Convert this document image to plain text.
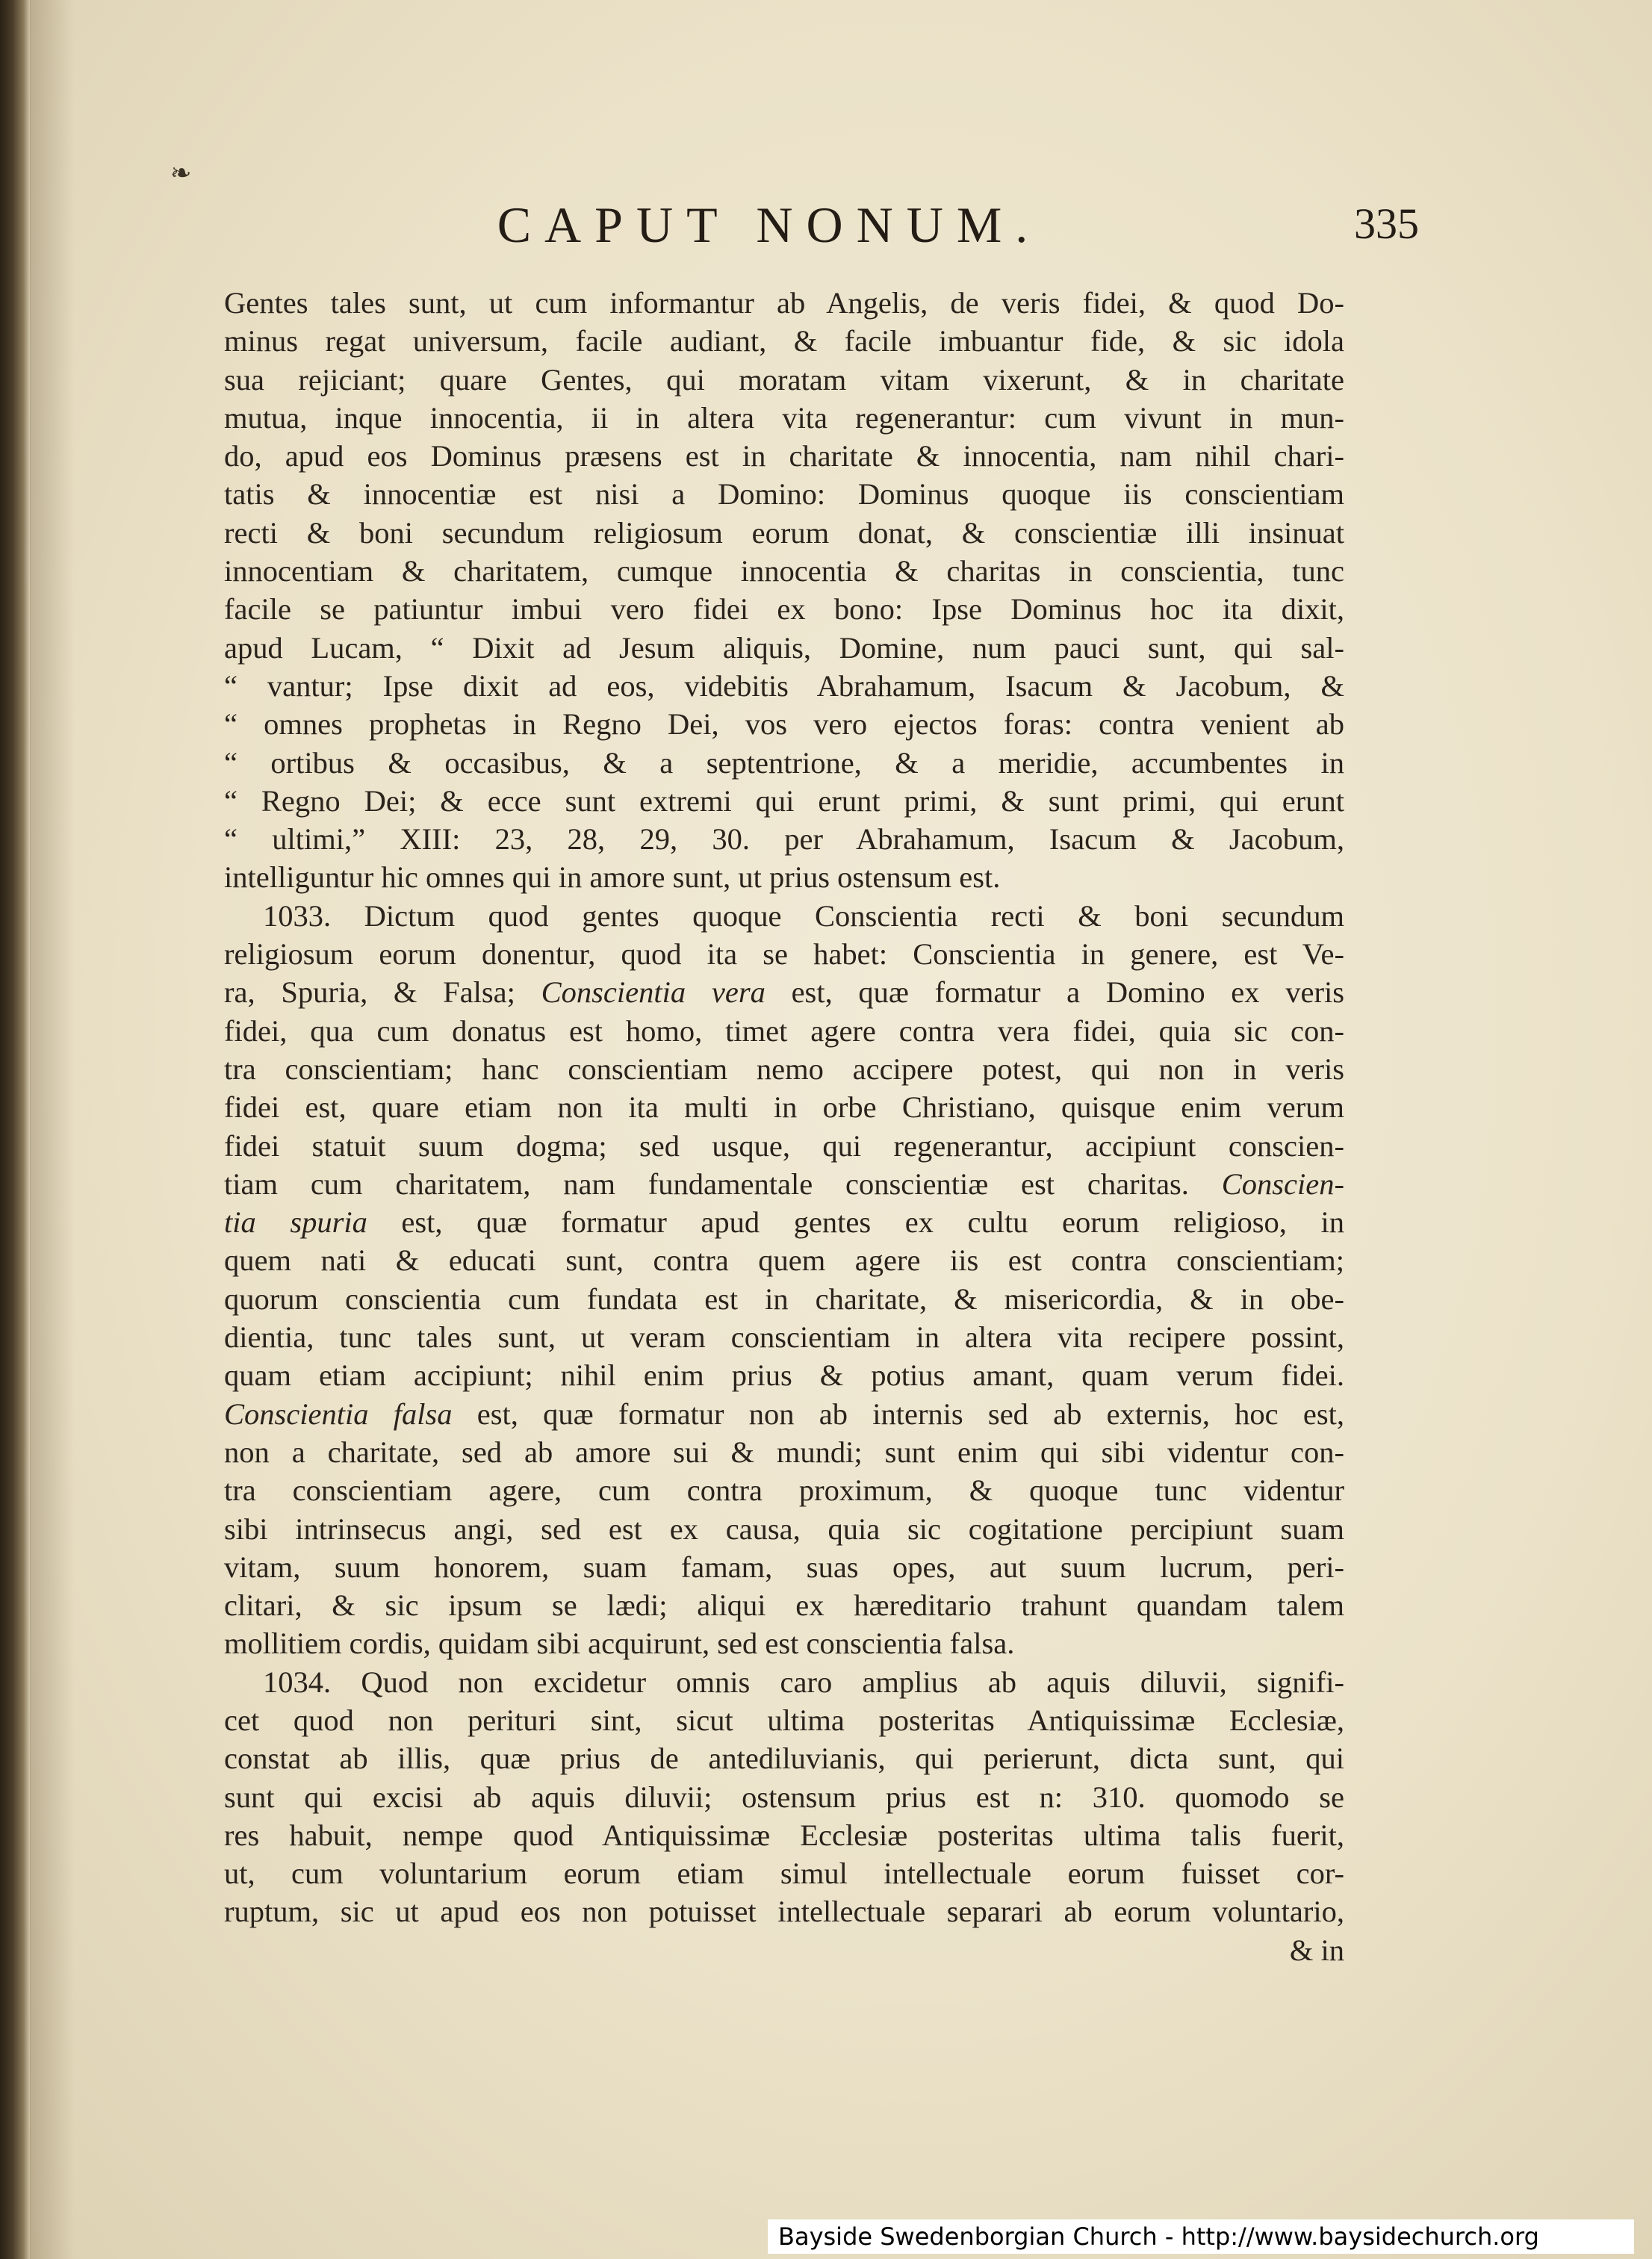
❧
CAPUT NONUM.	335
Gentes tales sunt, ut cum informantur ab Angelis, de veris fidei, & quod Do-
minus regat universum, facile audiant, & facile imbuantur fide, & sic idola
sua rejiciant; quare Gentes, qui moratam vitam vixerunt, & in charitate
mutua, inque innocentia, ii in altera vita regenerantur: cum vivunt in mun-
do, apud eos Dominus præsens est in charitate & innocentia, nam nihil chari-
tatis & innocentiæ est nisi a Domino: Dominus quoque iis conscientiam
recti & boni secundum religiosum eorum donat, & conscientiæ illi insinuat
innocentiam & charitatem, cumque innocentia & charitas in conscientia, tunc
facile se patiuntur imbui vero fidei ex bono: Ipse Dominus hoc ita dixit,
apud Lucam, “ Dixit ad Jesum aliquis, Domine, num pauci sunt, qui sal-
“ vantur; Ipse dixit ad eos, videbitis Abrahamum, Isacum & Jacobum, &
“ omnes prophetas in Regno Dei, vos vero ejectos foras: contra venient ab
“ ortibus & occasibus, & a septentrione, & a meridie, accumbentes in
“ Regno Dei; & ecce sunt extremi qui erunt primi, & sunt primi, qui erunt
“ ultimi,” XIII: 23, 28, 29, 30. per Abrahamum, Isacum & Jacobum,
intelliguntur hic omnes qui in amore sunt, ut prius ostensum est.
1033. Dictum quod gentes quoque Conscientia recti & boni secundum
religiosum eorum donentur, quod ita se habet: Conscientia in genere, est Ve-
ra, Spuria, & Falsa; Conscientia vera est, quæ formatur a Domino ex veris
fidei, qua cum donatus est homo, timet agere contra vera fidei, quia sic con-
tra conscientiam; hanc conscientiam nemo accipere potest, qui non in veris
fidei est, quare etiam non ita multi in orbe Christiano, quisque enim verum
fidei statuit suum dogma; sed usque, qui regenerantur, accipiunt conscien-
tiam cum charitatem, nam fundamentale conscientiæ est charitas. Conscien-
tia spuria est, quæ formatur apud gentes ex cultu eorum religioso, in
quem nati & educati sunt, contra quem agere iis est contra conscientiam;
quorum conscientia cum fundata est in charitate, & misericordia, & in obe-
dientia, tunc tales sunt, ut veram conscientiam in altera vita recipere possint,
quam etiam accipiunt; nihil enim prius & potius amant, quam verum fidei.
Conscientia falsa est, quæ formatur non ab internis sed ab externis, hoc est,
non a charitate, sed ab amore sui & mundi; sunt enim qui sibi videntur con-
tra conscientiam agere, cum contra proximum, & quoque tunc videntur
sibi intrinsecus angi, sed est ex causa, quia sic cogitatione percipiunt suam
vitam, suum honorem, suam famam, suas opes, aut suum lucrum, peri-
clitari, & sic ipsum se lædi; aliqui ex hæreditario trahunt quandam talem
mollitiem cordis, quidam sibi acquirunt, sed est conscientia falsa.
1034. Quod non excidetur omnis caro amplius ab aquis diluvii, signifi-
cet quod non perituri sint, sicut ultima posteritas Antiquissimæ Ecclesiæ,
constat ab illis, quæ prius de antediluvianis, qui perierunt, dicta sunt, qui
sunt qui excisi ab aquis diluvii; ostensum prius est n: 310. quomodo se
res habuit, nempe quod Antiquissimæ Ecclesiæ posteritas ultima talis fuerit,
ut, cum voluntarium eorum etiam simul intellectuale eorum fuisset cor-
ruptum, sic ut apud eos non potuisset intellectuale separari ab eorum voluntario,
& in
Bayside Swedenborgian Church - http://www.baysidechurch.org
